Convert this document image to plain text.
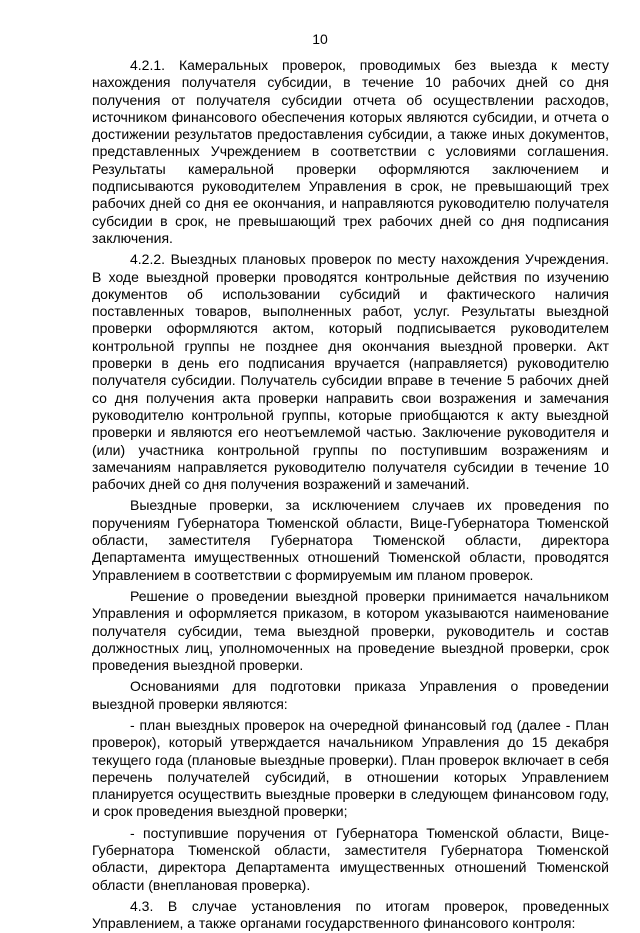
10

4.2.1. Камеральных проверок, проводимых без выезда к месту нахождения получателя субсидии, в течение 10 рабочих дней со дня получения от получателя субсидии отчета об осуществлении расходов, источником финансового обеспечения которых являются субсидии, и отчета о достижении результатов предоставления субсидии, а также иных документов, представленных Учреждением в соответствии с условиями соглашения. Результаты камеральной проверки оформляются заключением и подписываются руководителем Управления в срок, не превышающий трех рабочих дней со дня ее окончания, и направляются руководителю получателя субсидии в срок, не превышающий трех рабочих дней со дня подписания заключения.

4.2.2. Выездных плановых проверок по месту нахождения Учреждения. В ходе выездной проверки проводятся контрольные действия по изучению документов об использовании субсидий и фактического наличия поставленных товаров, выполненных работ, услуг. Результаты выездной проверки оформляются актом, который подписывается руководителем контрольной группы не позднее дня окончания выездной проверки. Акт проверки в день его подписания вручается (направляется) руководителю получателя субсидии. Получатель субсидии вправе в течение 5 рабочих дней со дня получения акта проверки направить свои возражения и замечания руководителю контрольной группы, которые приобщаются к акту выездной проверки и являются его неотъемлемой частью. Заключение руководителя и (или) участника контрольной группы по поступившим возражениям и замечаниям направляется руководителю получателя субсидии в течение 10 рабочих дней со дня получения возражений и замечаний.

Выездные проверки, за исключением случаев их проведения по поручениям Губернатора Тюменской области, Вице-Губернатора Тюменской области, заместителя Губернатора Тюменской области, директора Департамента имущественных отношений Тюменской области, проводятся Управлением в соответствии с формируемым им планом проверок.

Решение о проведении выездной проверки принимается начальником Управления и оформляется приказом, в котором указываются наименование получателя субсидии, тема выездной проверки, руководитель и состав должностных лиц, уполномоченных на проведение выездной проверки, срок проведения выездной проверки.

Основаниями для подготовки приказа Управления о проведении выездной проверки являются:

- план выездных проверок на очередной финансовый год (далее - План проверок), который утверждается начальником Управления до 15 декабря текущего года (плановые выездные проверки). План проверок включает в себя перечень получателей субсидий, в отношении которых Управлением планируется осуществить выездные проверки в следующем финансовом году, и срок проведения выездной проверки;

- поступившие поручения от Губернатора Тюменской области, Вице-Губернатора Тюменской области, заместителя Губернатора Тюменской области, директора Департамента имущественных отношений Тюменской области (внеплановая проверка).

4.3. В случае установления по итогам проверок, проведенных Управлением, а также органами государственного финансового контроля:
